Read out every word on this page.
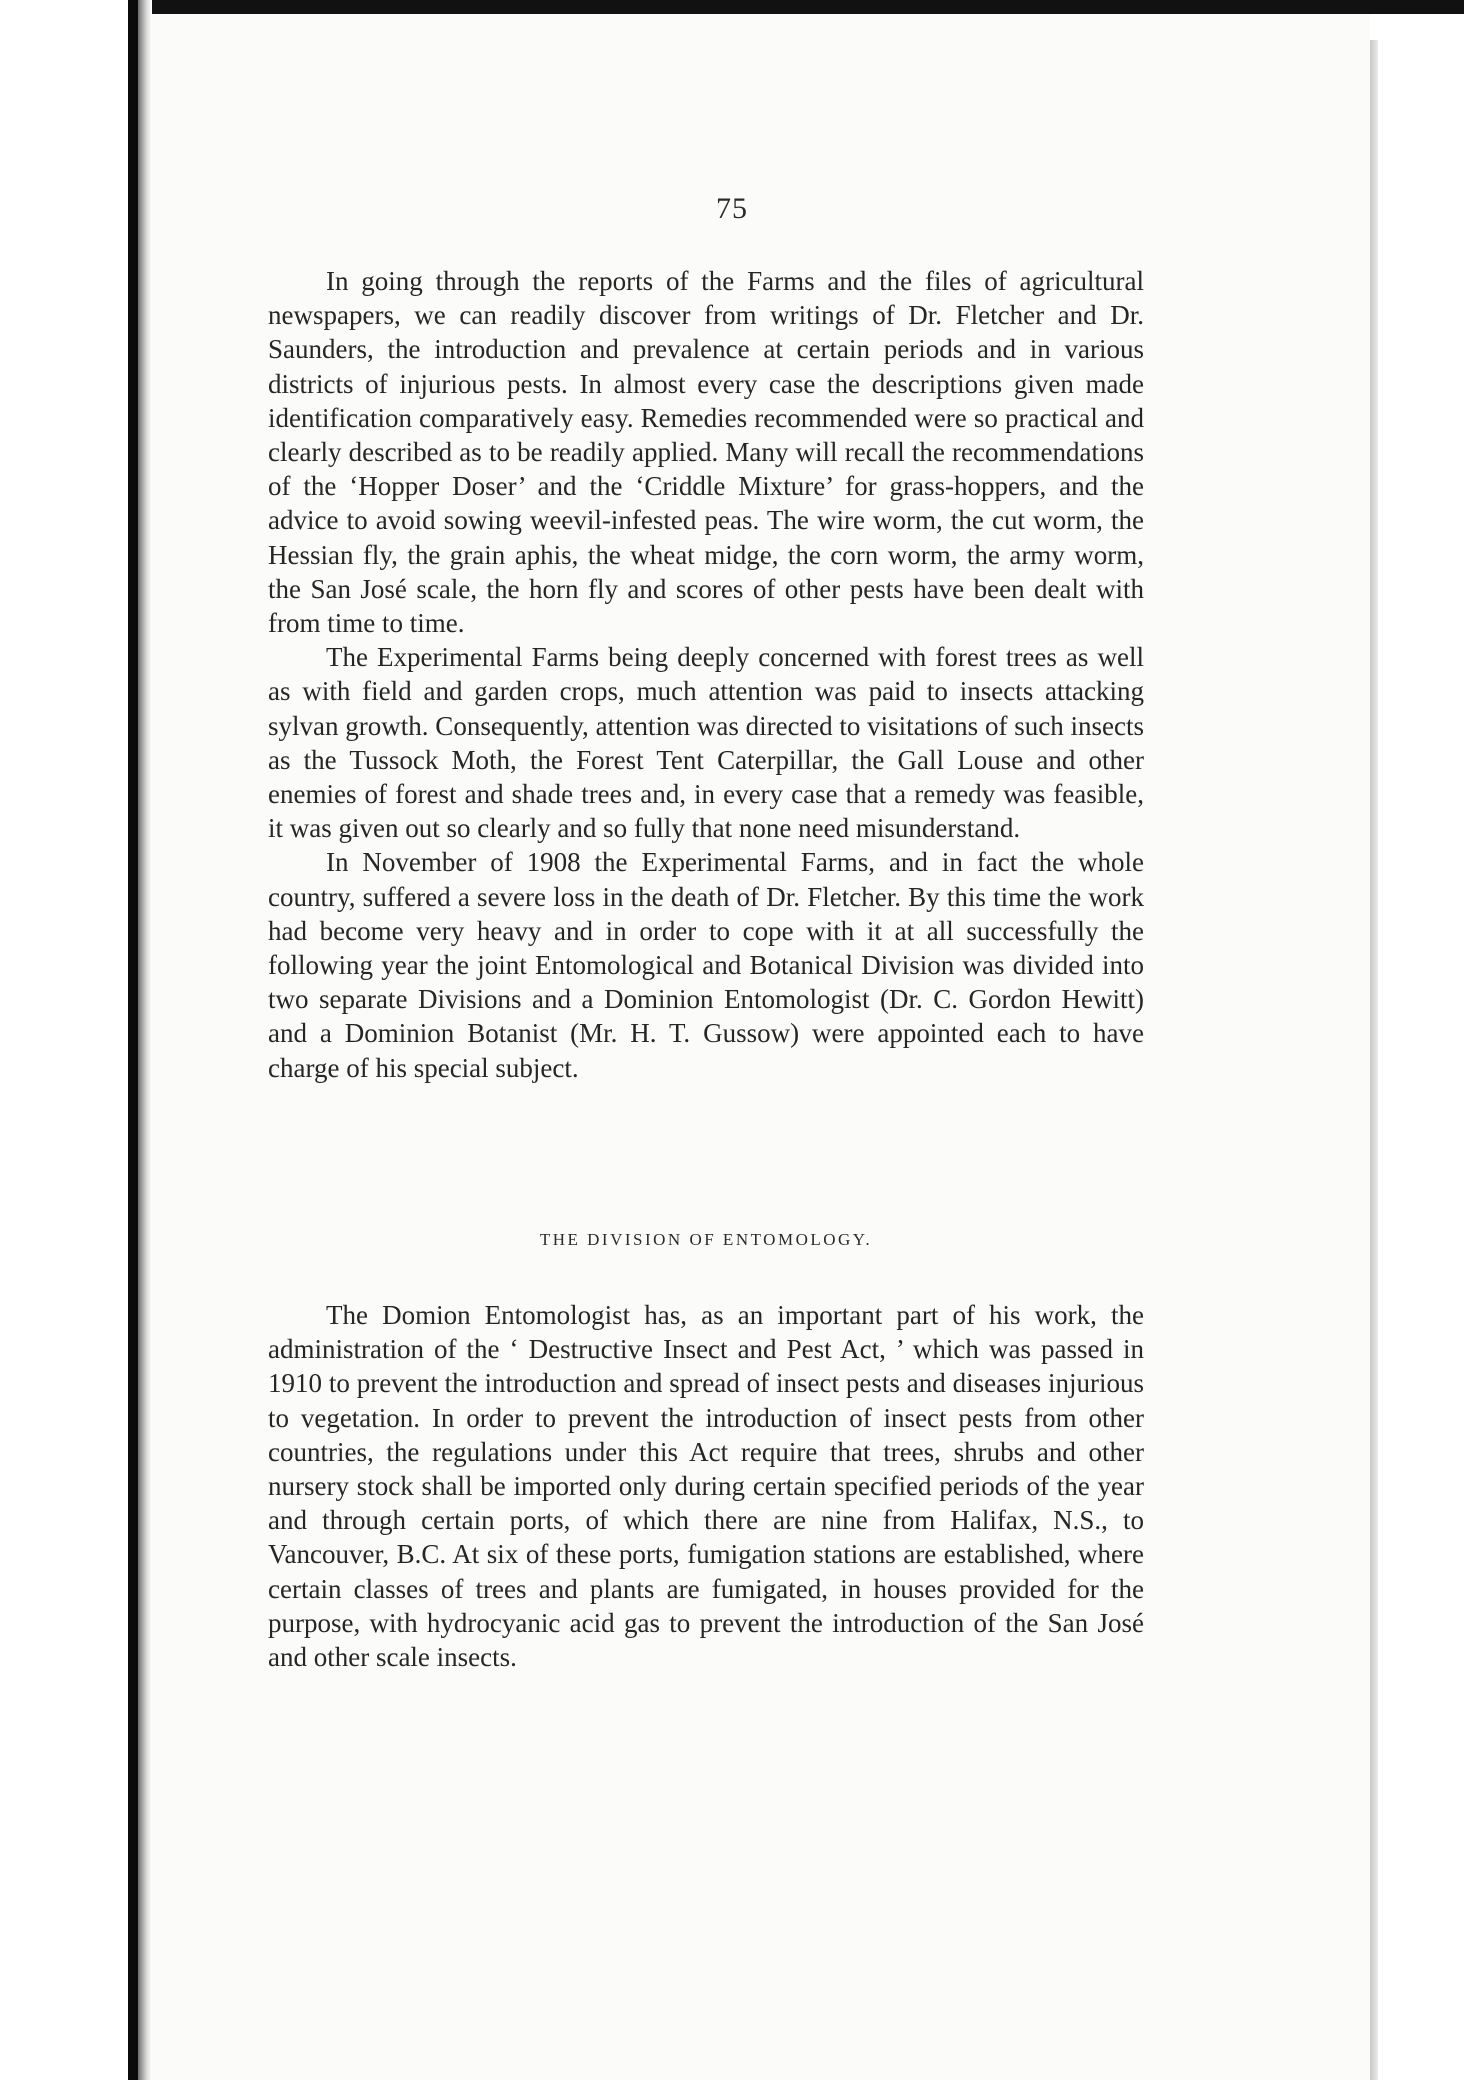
75

In going through the reports of the Farms and the files of agricultural newspapers, we can readily discover from writings of Dr. Fletcher and Dr. Saunders, the introduction and prevalence at certain periods and in various districts of injurious pests. In almost every case the descriptions given made identification comparatively easy. Remedies recommended were so practical and clearly described as to be readily applied. Many will recall the recommendations of the ‘Hopper Doser’ and the ‘Criddle Mixture’ for grass-hoppers, and the advice to avoid sowing weevil-infested peas. The wire worm, the cut worm, the Hessian fly, the grain aphis, the wheat midge, the corn worm, the army worm, the San José scale, the horn fly and scores of other pests have been dealt with from time to time.

The Experimental Farms being deeply concerned with forest trees as well as with field and garden crops, much attention was paid to insects attacking sylvan growth. Consequently, attention was directed to visitations of such insects as the Tussock Moth, the Forest Tent Caterpillar, the Gall Louse and other enemies of forest and shade trees and, in every case that a remedy was feasible, it was given out so clearly and so fully that none need misunderstand.

In November of 1908 the Experimental Farms, and in fact the whole country, suffered a severe loss in the death of Dr. Fletcher. By this time the work had become very heavy and in order to cope with it at all successfully the following year the joint Entomological and Botanical Division was divided into two separate Divisions and a Dominion Entomologist (Dr. C. Gordon Hewitt) and a Dominion Botanist (Mr. H. T. Gussow) were appointed each to have charge of his special subject.

THE DIVISION OF ENTOMOLOGY.

The Domion Entomologist has, as an important part of his work, the administration of the ‘ Destructive Insect and Pest Act, ’ which was passed in 1910 to prevent the introduction and spread of insect pests and diseases injurious to vegetation. In order to prevent the introduction of insect pests from other countries, the regulations under this Act require that trees, shrubs and other nursery stock shall be imported only during certain specified periods of the year and through certain ports, of which there are nine from Halifax, N.S., to Vancouver, B.C. At six of these ports, fumigation stations are established, where certain classes of trees and plants are fumigated, in houses provided for the purpose, with hydrocyanic acid gas to prevent the introduction of the San José and other scale insects.
